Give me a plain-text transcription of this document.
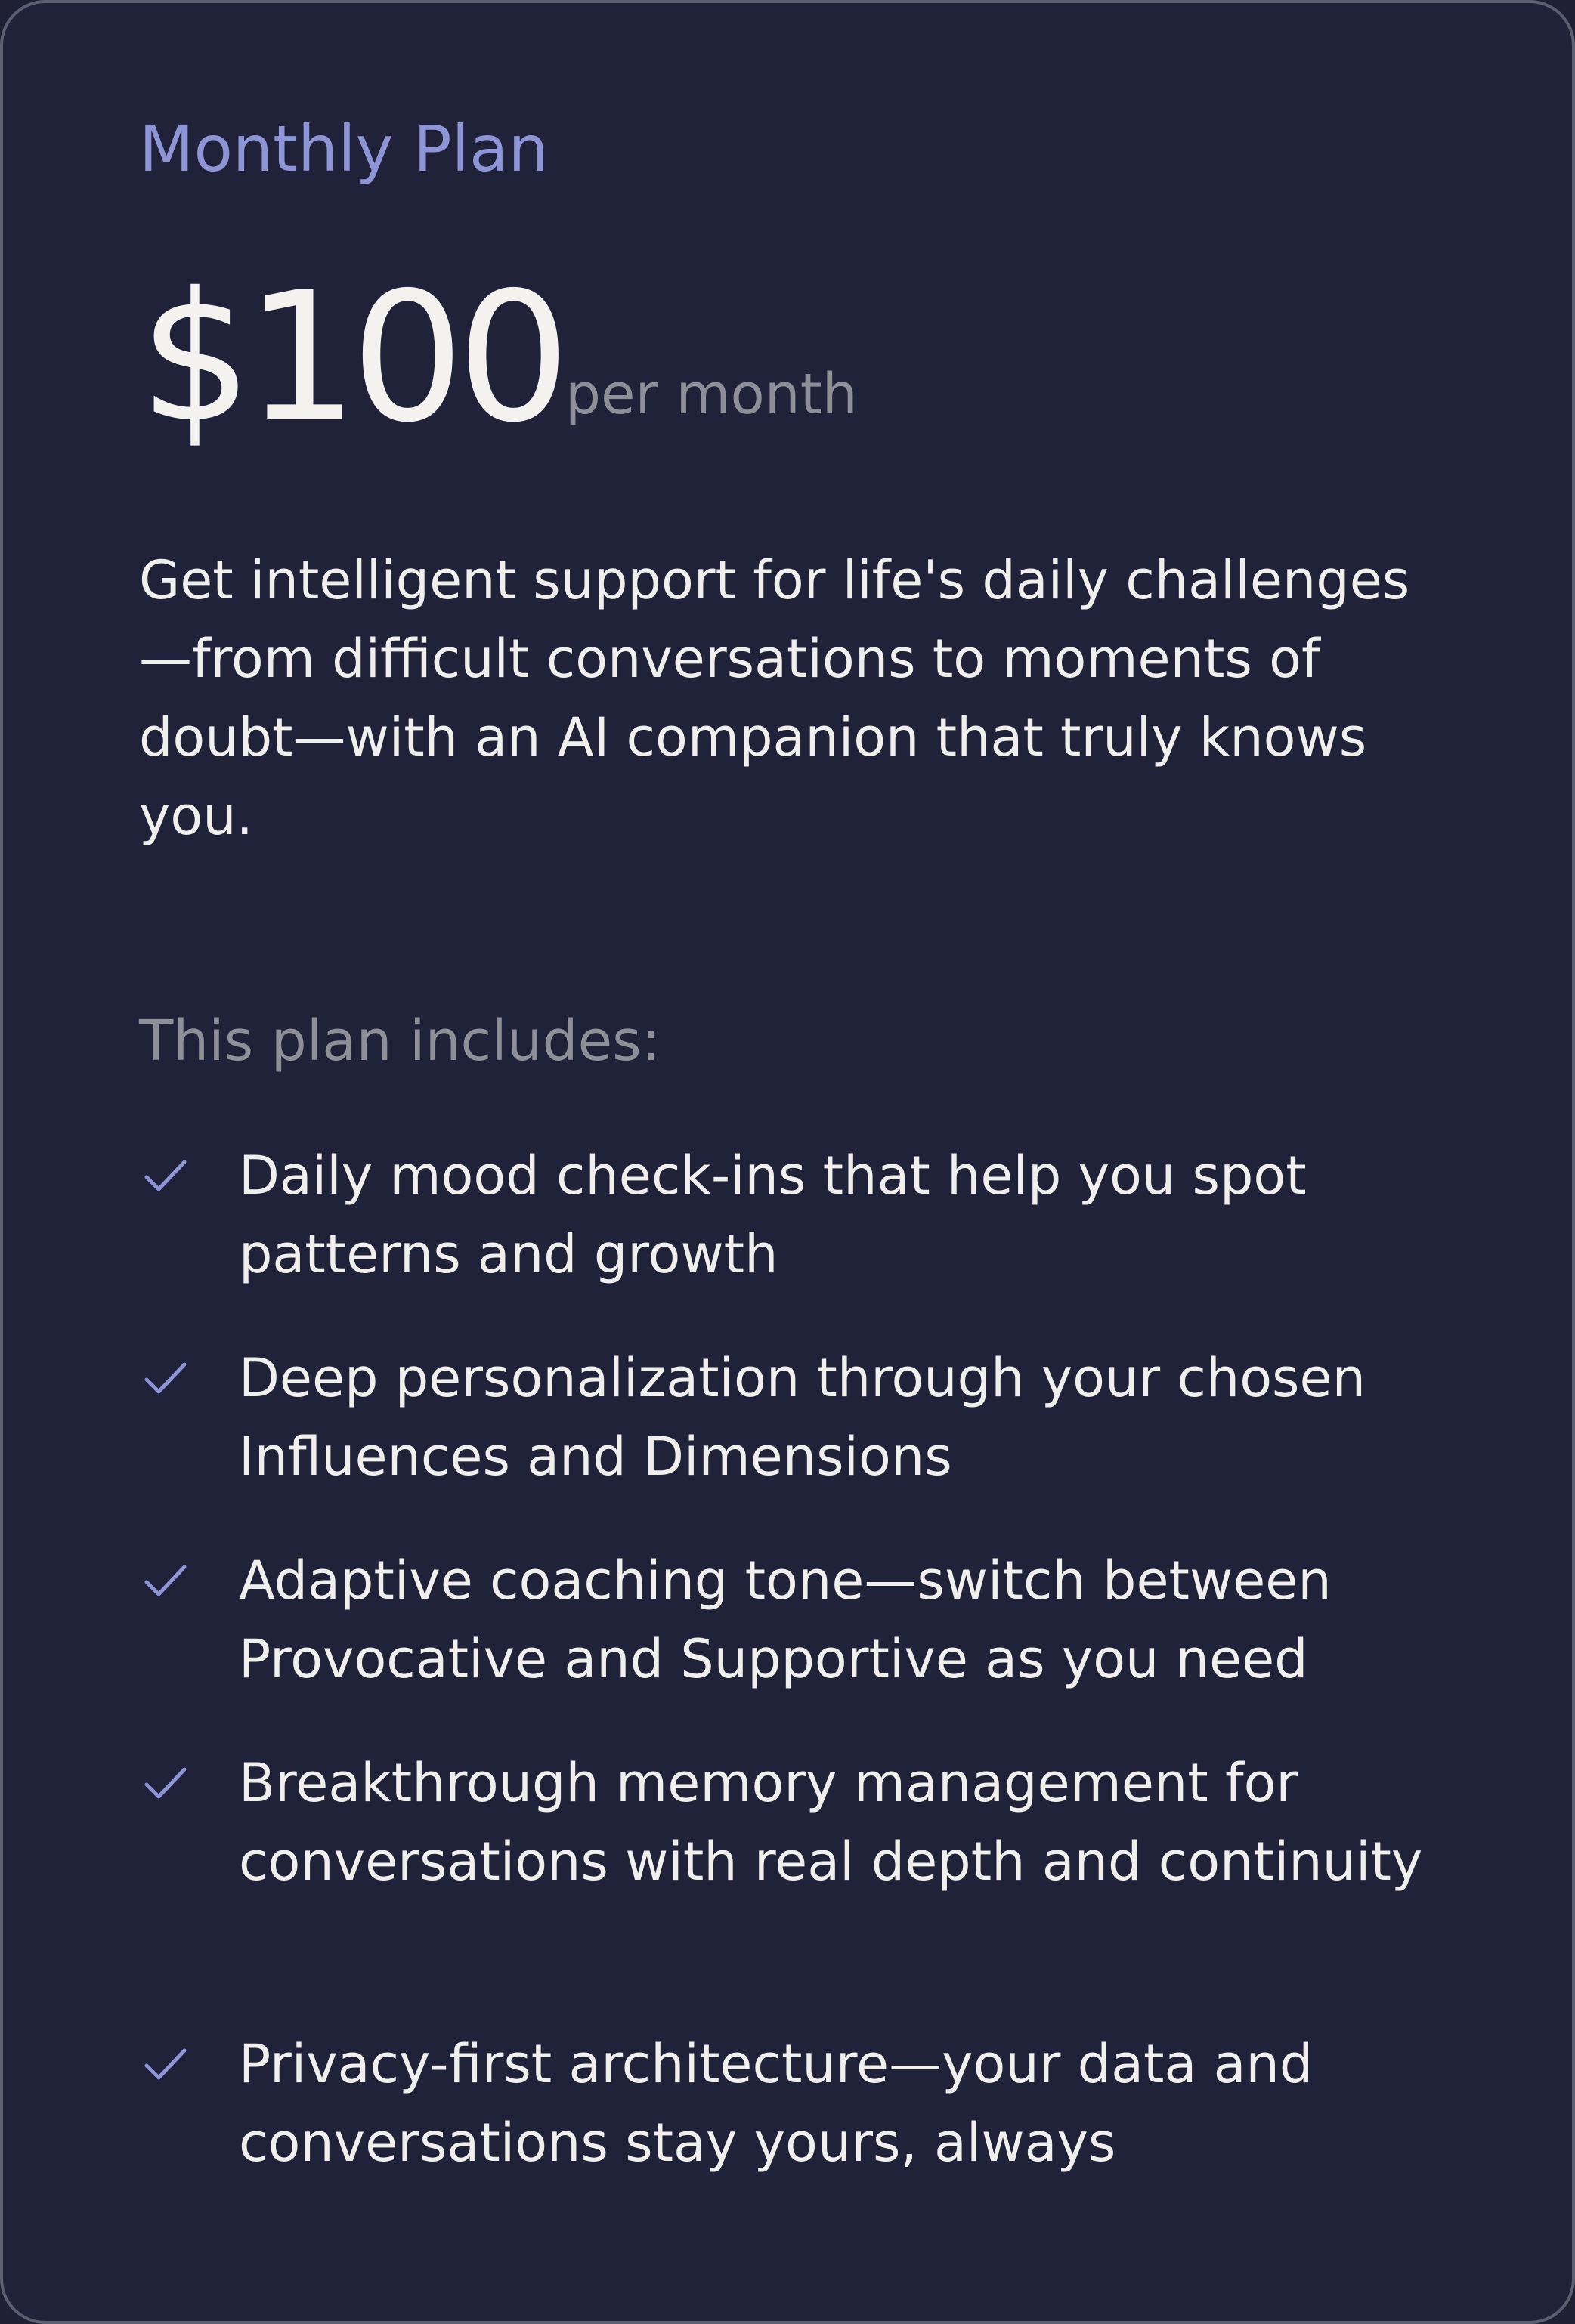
Monthly Plan
$100 per month
Get intelligent support for life's daily challenges—from difficult conversations to moments of doubt—with an AI companion that truly knows you.
This plan includes:
Daily mood check-ins that help you spot patterns and growth
Deep personalization through your chosen Influences and Dimensions
Adaptive coaching tone—switch between Provocative and Supportive as you need
Breakthrough memory management for conversations with real depth and continuity
Privacy-first architecture—your data and conversations stay yours, always
